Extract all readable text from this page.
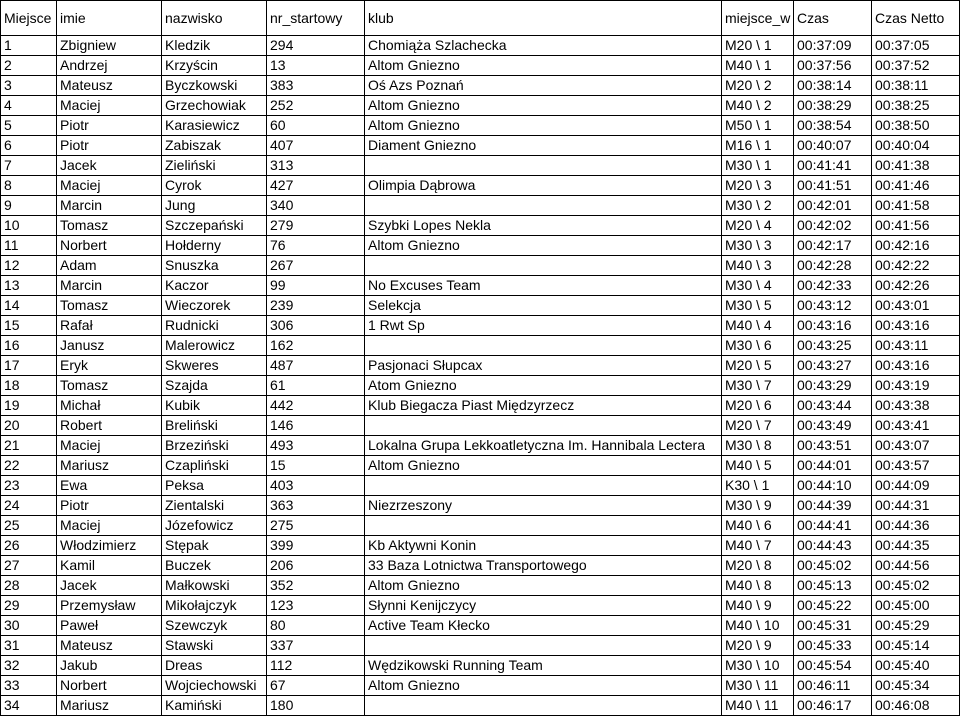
Miejsce	imie	nazwisko	nr_startowy	klub	miejsce_w	Czas	Czas Netto
1	Zbigniew	Kledzik	294	Chomiąża Szlachecka	M20 \ 1	00:37:09	00:37:05
2	Andrzej	Krzyścin	13	Altom Gniezno	M40 \ 1	00:37:56	00:37:52
3	Mateusz	Byczkowski	383	Oś Azs Poznań	M20 \ 2	00:38:14	00:38:11
4	Maciej	Grzechowiak	252	Altom Gniezno	M40 \ 2	00:38:29	00:38:25
5	Piotr	Karasiewicz	60	Altom Gniezno	M50 \ 1	00:38:54	00:38:50
6	Piotr	Zabiszak	407	Diament Gniezno	M16 \ 1	00:40:07	00:40:04
7	Jacek	Zieliński	313		M30 \ 1	00:41:41	00:41:38
8	Maciej	Cyrok	427	Olimpia Dąbrowa	M20 \ 3	00:41:51	00:41:46
9	Marcin	Jung	340		M30 \ 2	00:42:01	00:41:58
10	Tomasz	Szczepański	279	Szybki Lopes Nekla	M20 \ 4	00:42:02	00:41:56
11	Norbert	Hołderny	76	Altom Gniezno	M30 \ 3	00:42:17	00:42:16
12	Adam	Snuszka	267		M40 \ 3	00:42:28	00:42:22
13	Marcin	Kaczor	99	No Excuses Team	M30 \ 4	00:42:33	00:42:26
14	Tomasz	Wieczorek	239	Selekcja	M30 \ 5	00:43:12	00:43:01
15	Rafał	Rudnicki	306	1 Rwt Sp	M40 \ 4	00:43:16	00:43:16
16	Janusz	Malerowicz	162		M30 \ 6	00:43:25	00:43:11
17	Eryk	Skweres	487	Pasjonaci Słupcax	M20 \ 5	00:43:27	00:43:16
18	Tomasz	Szajda	61	Atom Gniezno	M30 \ 7	00:43:29	00:43:19
19	Michał	Kubik	442	Klub Biegacza Piast Międzyrzecz	M20 \ 6	00:43:44	00:43:38
20	Robert	Breliński	146		M20 \ 7	00:43:49	00:43:41
21	Maciej	Brzeziński	493	Lokalna Grupa Lekkoatletyczna Im. Hannibala Lectera	M30 \ 8	00:43:51	00:43:07
22	Mariusz	Czapliński	15	Altom Gniezno	M40 \ 5	00:44:01	00:43:57
23	Ewa	Peksa	403		K30 \ 1	00:44:10	00:44:09
24	Piotr	Zientalski	363	Niezrzeszony	M30 \ 9	00:44:39	00:44:31
25	Maciej	Józefowicz	275		M40 \ 6	00:44:41	00:44:36
26	Włodzimierz	Stępak	399	Kb Aktywni Konin	M40 \ 7	00:44:43	00:44:35
27	Kamil	Buczek	206	33 Baza Lotnictwa Transportowego	M20 \ 8	00:45:02	00:44:56
28	Jacek	Małkowski	352	Altom Gniezno	M40 \ 8	00:45:13	00:45:02
29	Przemysław	Mikołajczyk	123	Słynni Kenijczycy	M40 \ 9	00:45:22	00:45:00
30	Paweł	Szewczyk	80	Active Team Kłecko	M40 \ 10	00:45:31	00:45:29
31	Mateusz	Stawski	337		M20 \ 9	00:45:33	00:45:14
32	Jakub	Dreas	112	Wędzikowski Running Team	M30 \ 10	00:45:54	00:45:40
33	Norbert	Wojciechowski	67	Altom Gniezno	M30 \ 11	00:46:11	00:45:34
34	Mariusz	Kamiński	180		M40 \ 11	00:46:17	00:46:08
